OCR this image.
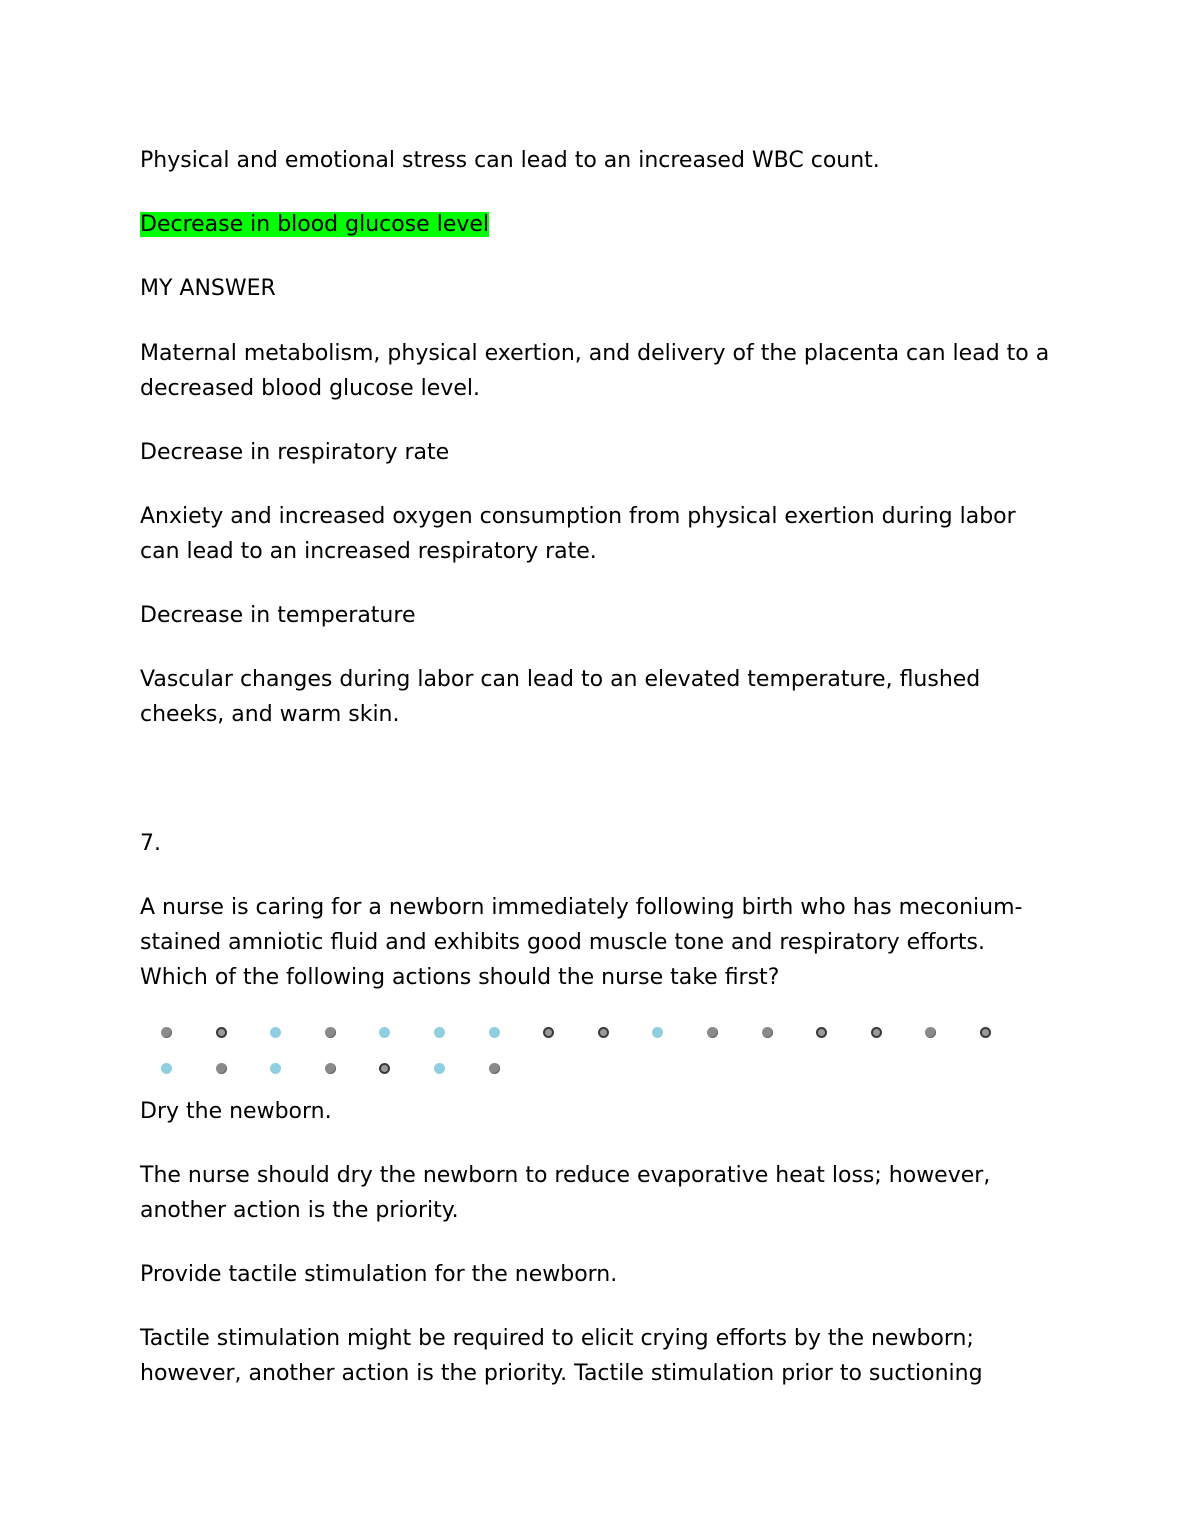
Physical and emotional stress can lead to an increased WBC count.

Decrease in blood glucose level

MY ANSWER

Maternal metabolism, physical exertion, and delivery of the placenta can lead to a decreased blood glucose level.

Decrease in respiratory rate

Anxiety and increased oxygen consumption from physical exertion during labor can lead to an increased respiratory rate.

Decrease in temperature

Vascular changes during labor can lead to an elevated temperature, flushed cheeks, and warm skin.

7.

A nurse is caring for a newborn immediately following birth who has meconium-stained amniotic fluid and exhibits good muscle tone and respiratory efforts. Which of the following actions should the nurse take first?

Dry the newborn.

The nurse should dry the newborn to reduce evaporative heat loss; however, another action is the priority.

Provide tactile stimulation for the newborn.

Tactile stimulation might be required to elicit crying efforts by the newborn; however, another action is the priority. Tactile stimulation prior to suctioning
